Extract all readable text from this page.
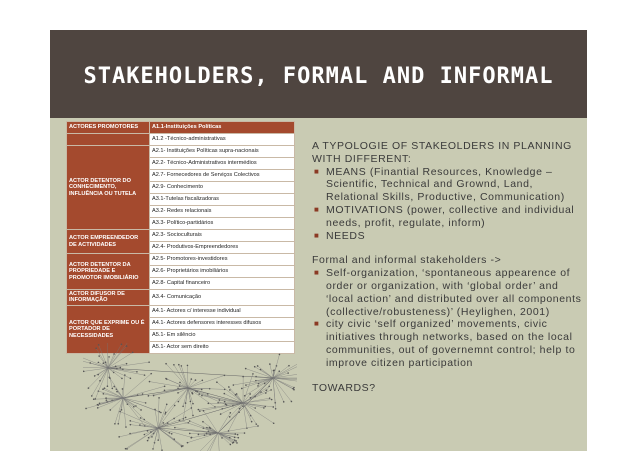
STAKEHOLDERS, FORMAL AND INFORMAL
ACTORES PROMOTORES	A1.1-Instituições Políticas
	A1.2 -Técnico-administrativas
ACTOR DETENTOR DO CONHECIMENTO, INFLUÊNCIA OU TUTELA	A2.1- Instituições Políticas supra-nacionais
	A2.2- Técnico-Administrativos intermédios
	A2.7- Fornecedores de Serviços Colectivos
	A2.9- Conhecimento
	A3.1-Tutelas fiscalizadoras
	A3.2- Redes relacionais
	A3.3- Político-partidários
ACTOR EMPREENDEDOR DE ACTIVIDADES	A2.3- Socioculturais
	A2.4- Produtivos-Empreendedores
ACTOR DETENTOR DA PROPRIEDADE E PROMOTOR IMOBILIÁRIO	A2.5- Promotores-investidores
	A2.6- Proprietários imobiliários
	A2.8- Capital financeiro
ACTOR DIFUSOR DE INFORMAÇÃO	A3.4- Comunicação
ACTOR QUE EXPRIME OU É PORTADOR DE NECESSIDADES	A4.1- Actores c/ interesse individual
	A4.1- Actores defensores interesses difusos
	A5.1- Em silêncio
	A5.1- Actor sem direito

A TYPOLOGIE OF STAKEOLDERS IN PLANNING WITH DIFFERENT:

■ MEANS (Finantial Resources, Knowledge – Scientific, Technical and Grownd, Land, Relational Skills, Productive, Communication)
■ MOTIVATIONS (power, collective and individual needs, profit, regulate, inform)
■ NEEDS

Formal and informal stakeholders ->

■ Self-organization, ‘spontaneous appearence of order or organization, with ‘global order’ and ‘local action’ and distributed over all components (collective/robusteness)’ (Heylighen, 2001)
■ city civic ‘self organized’ movements, civic initiatives through networks, based on the local communities, out of governemnt control; help to improve citizen participation

TOWARDS?
